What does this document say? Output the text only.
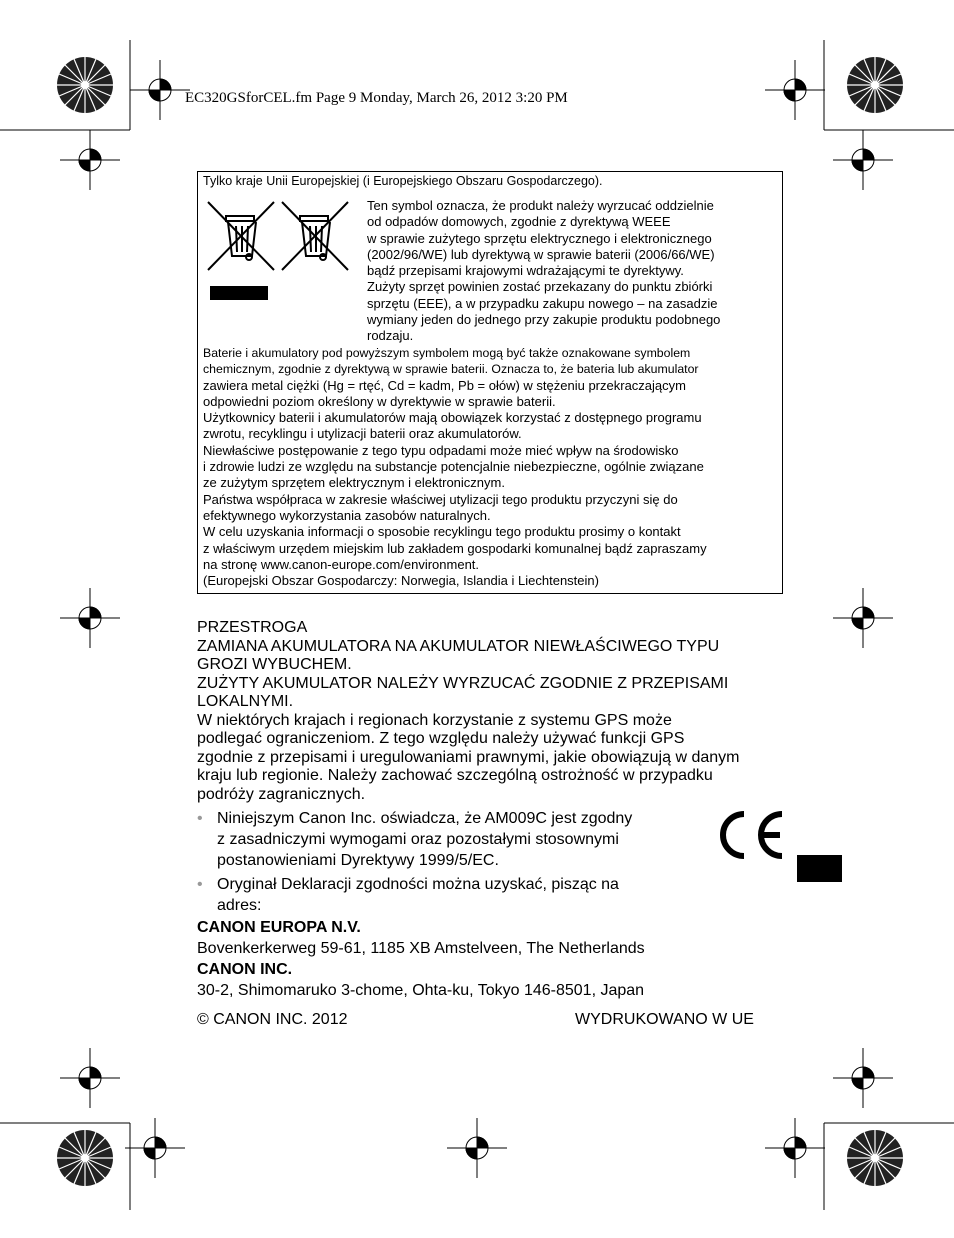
EC320GSforCEL.fm Page 9 Monday, March 26, 2012 3:20 PM
Tylko kraje Unii Europejskiej (i Europejskiego Obszaru Gospodarczego).
Ten symbol oznacza, że produkt należy wyrzucać oddzielnie
od odpadów domowych, zgodnie z dyrektywą WEEE
w sprawie zużytego sprzętu elektrycznego i elektronicznego
(2002/96/WE) lub dyrektywą w sprawie baterii (2006/66/WE)
bądź przepisami krajowymi wdrażającymi te dyrektywy.
Zużyty sprzęt powinien zostać przekazany do punktu zbiórki
sprzętu (EEE), a w przypadku zakupu nowego – na zasadzie
wymiany jeden do jednego przy zakupie produktu podobnego
rodzaju.
Baterie i akumulatory pod powyższym symbolem mogą być także oznakowane symbolem
chemicznym, zgodnie z dyrektywą w sprawie baterii. Oznacza to, że bateria lub akumulator
zawiera metal ciężki (Hg = rtęć, Cd = kadm, Pb = ołów) w stężeniu przekraczającym
odpowiedni poziom określony w dyrektywie w sprawie baterii.
Użytkownicy baterii i akumulatorów mają obowiązek korzystać z dostępnego programu
zwrotu, recyklingu i utylizacji baterii oraz akumulatorów.
Niewłaściwe postępowanie z tego typu odpadami może mieć wpływ na środowisko
i zdrowie ludzi ze względu na substancje potencjalnie niebezpieczne, ogólnie związane
ze zużytym sprzętem elektrycznym i elektronicznym.
Państwa współpraca w zakresie właściwej utylizacji tego produktu przyczyni się do
efektywnego wykorzystania zasobów naturalnych.
W celu uzyskania informacji o sposobie recyklingu tego produktu prosimy o kontakt
z właściwym urzędem miejskim lub zakładem gospodarki komunalnej bądź zapraszamy
na stronę www.canon-europe.com/environment.
(Europejski Obszar Gospodarczy: Norwegia, Islandia i Liechtenstein)
PRZESTROGA
ZAMIANA AKUMULATORA NA AKUMULATOR NIEWŁAŚCIWEGO TYPU
GROZI WYBUCHEM.
ZUŻYTY AKUMULATOR NALEŻY WYRZUCAĆ ZGODNIE Z PRZEPISAMI
LOKALNYMI.
W niektórych krajach i regionach korzystanie z systemu GPS może
podlegać ograniczeniom. Z tego względu należy używać funkcji GPS
zgodnie z przepisami i uregulowaniami prawnymi, jakie obowiązują w danym
kraju lub regionie. Należy zachować szczególną ostrożność w przypadku
podróży zagranicznych.
• Niniejszym Canon Inc. oświadcza, że AM009C jest zgodny
z zasadniczymi wymogami oraz pozostałymi stosownymi
postanowieniami Dyrektywy 1999/5/EC.
• Oryginał Deklaracji zgodności można uzyskać, pisząc na
adres:
CANON EUROPA N.V.
Bovenkerkerweg 59-61, 1185 XB Amstelveen, The Netherlands
CANON INC.
30-2, Shimomaruko 3-chome, Ohta-ku, Tokyo 146-8501, Japan
© CANON INC. 2012	WYDRUKOWANO W UE
